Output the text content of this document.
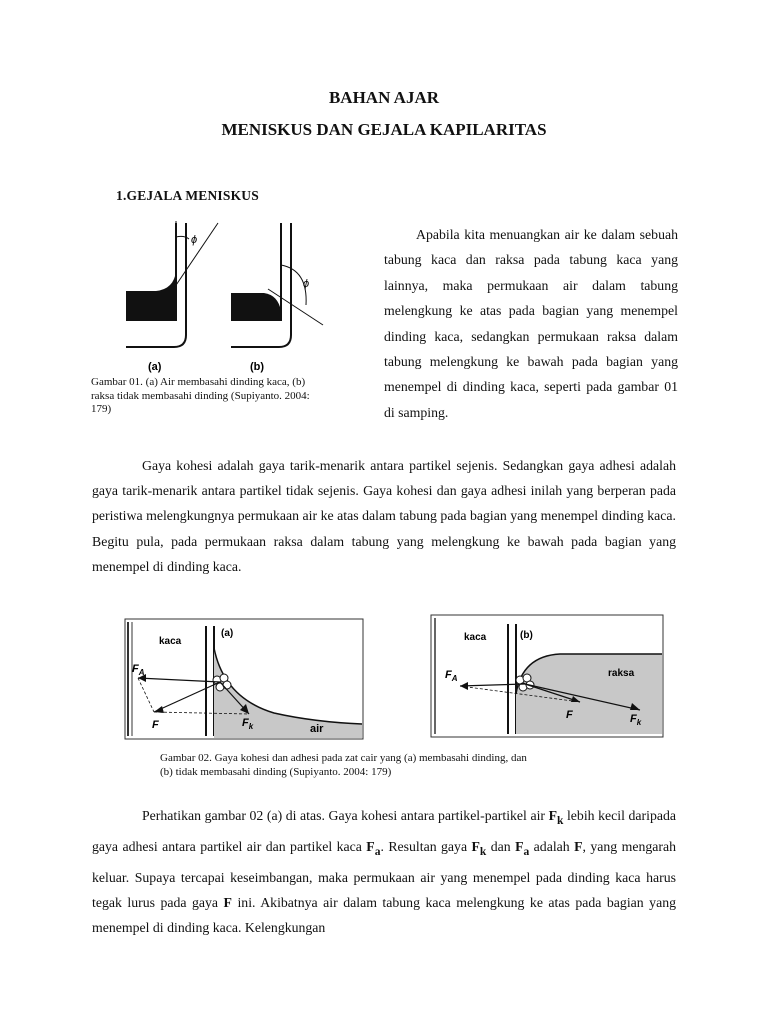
BAHAN AJAR
MENISKUS DAN GEJALA KAPILARITAS
1.GEJALA MENISKUS
ϕ
ϕ
(a)	(b)
Gambar 01. (a) Air membasahi dinding kaca, (b) raksa tidak membasahi dinding (Supiyanto. 2004: 179)
Apabila kita menuangkan air ke dalam sebuah tabung kaca dan raksa pada tabung kaca yang lainnya, maka permukaan air dalam tabung melengkung ke atas pada bagian yang menempel dinding kaca, sedangkan permukaan raksa dalam tabung melengkung ke bawah pada bagian yang menempel di dinding kaca, seperti pada gambar 01 di samping.
Gaya kohesi adalah gaya tarik-menarik antara partikel sejenis. Sedangkan gaya adhesi adalah gaya tarik-menarik antara partikel tidak sejenis. Gaya kohesi dan gaya adhesi inilah yang berperan pada peristiwa melengkungnya permukaan air ke atas dalam tabung pada bagian yang menempel dinding kaca. Begitu pula, pada permukaan raksa dalam tabung yang melengkung ke bawah pada bagian yang menempel di dinding kaca.
kaca
(a)
$F_A$
F	$F_k$	air
kaca	(b)
$F_A$
F	$F_k$
raksa
Gambar 02. Gaya kohesi dan adhesi pada zat cair yang (a) membasahi dinding, dan
(b) tidak membasahi dinding (Supiyanto. 2004: 179)
Perhatikan gambar 02 (a) di atas. Gaya kohesi antara partikel-partikel air $F_k$ lebih kecil daripada gaya adhesi antara partikel air dan partikel kaca $F_a$. Resultan gaya $F_k$ dan $F_a$ adalah F, yang mengarah keluar. Supaya tercapai keseimbangan, maka permukaan air yang menempel pada dinding kaca harus tegak lurus pada gaya F ini. Akibatnya air dalam tabung kaca melengkung ke atas pada bagian yang menempel di dinding kaca. Kelengkungan
